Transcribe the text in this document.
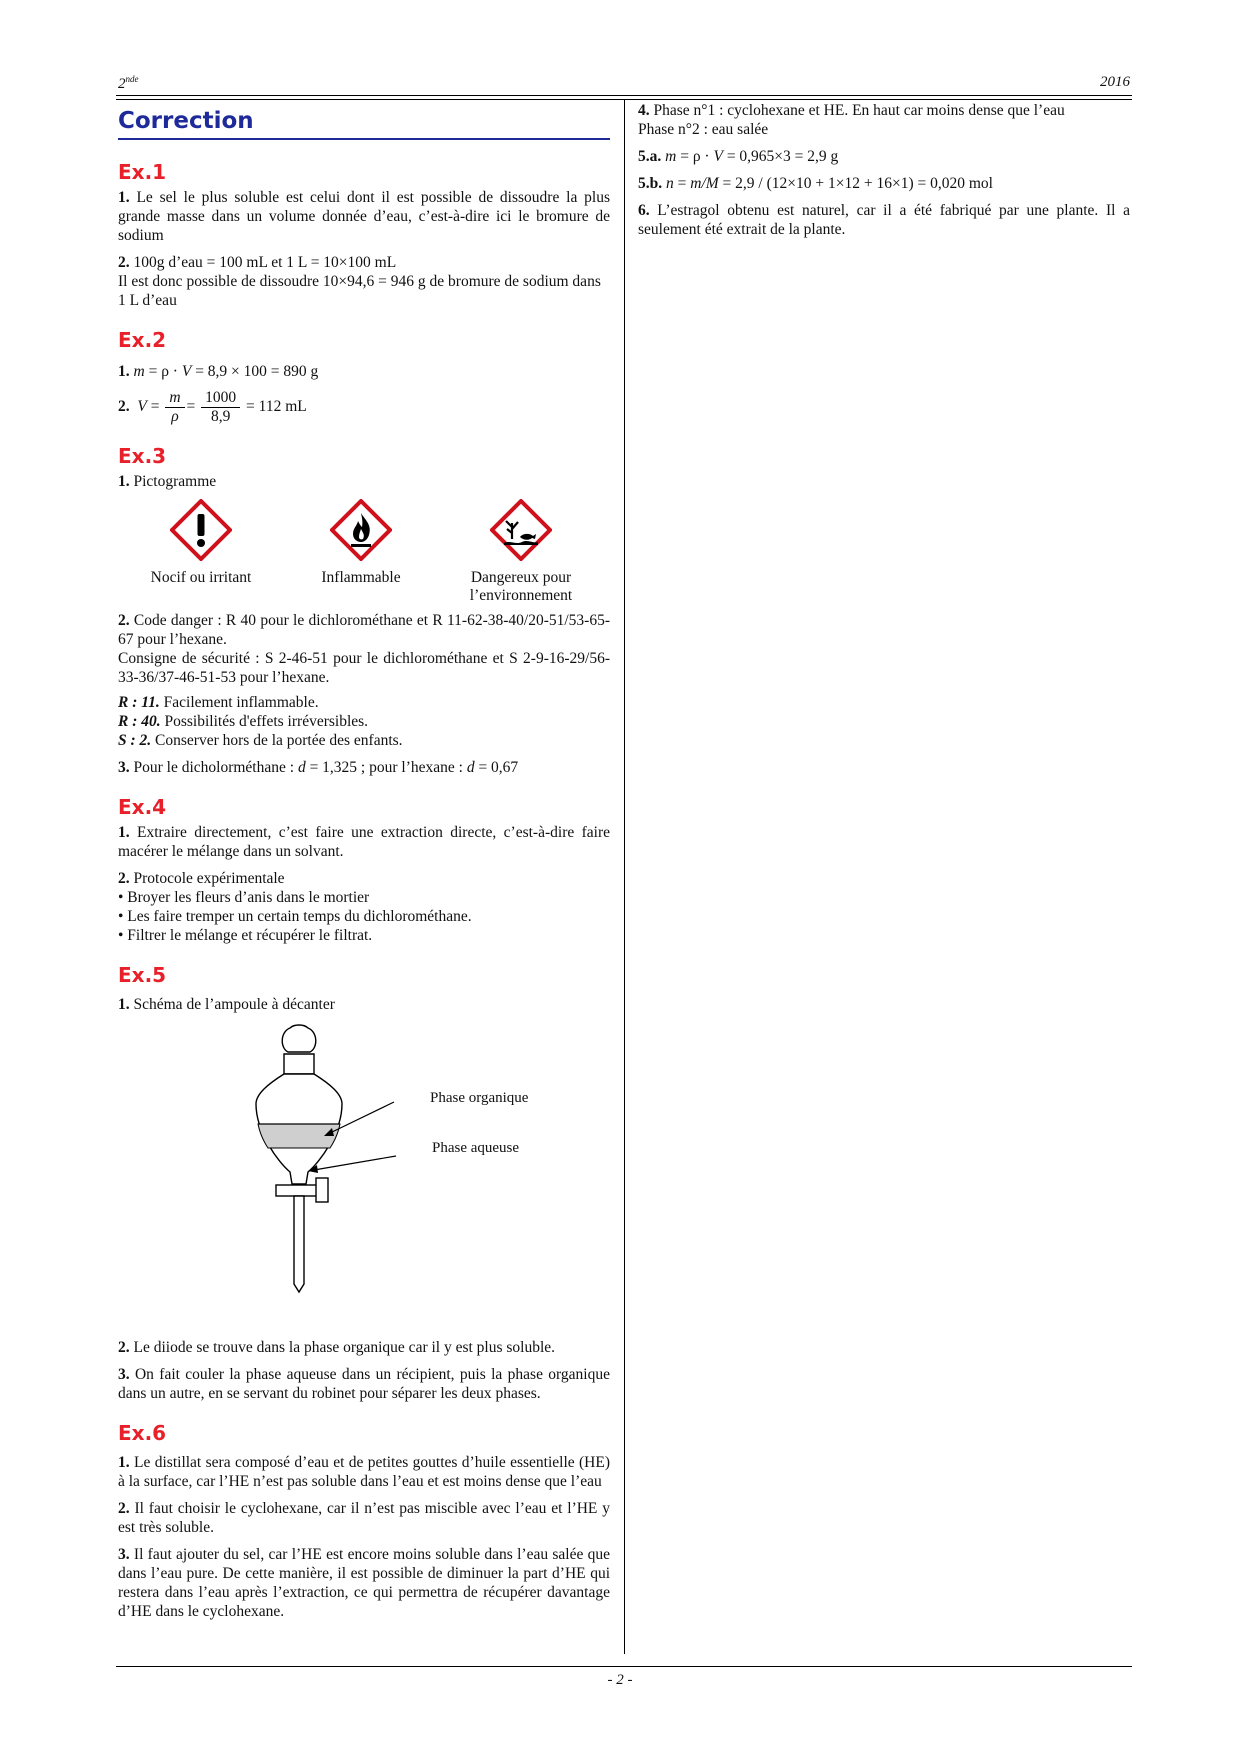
2nde	2016
Correction
Ex.1

1. Le sel le plus soluble est celui dont il est possible de dissoudre la plus grande masse dans un volume donnée d’eau, c’est-à-dire ici le bromure de sodium

2. 100g d’eau = 100 mL et 1 L = 10×100 mL
Il est donc possible de dissoudre 10×94,6 = 946 g de bromure de sodium dans 1 L d’eau

Ex.2

1. m = ρ · V = 8,9 × 100 = 890 g

2. $V = \frac{m}{\rho} = \frac{1000}{8,9} = 112$ mL

Ex.3

1. Pictogramme

Nocif ou irritant	Inflammable	Dangereux pour l’environnement

2. Code danger : R 40 pour le dichlorométhane et R 11-62-38-40/20-51/53-65-67 pour l’hexane.
Consigne de sécurité : S 2-46-51 pour le dichlorométhane et S 2-9-16-29/56-33-36/37-46-51-53 pour l’hexane.

R : 11. Facilement inflammable.
R : 40. Possibilités d'effets irréversibles.
S : 2. Conserver hors de la portée des enfants.

3. Pour le dicholorméthane : d = 1,325 ; pour l’hexane : d = 0,67

Ex.4

1. Extraire directement, c’est faire une extraction directe, c’est-à-dire faire macérer le mélange dans un solvant.

2. Protocole expérimentale
• Broyer les fleurs d’anis dans le mortier
• Les faire tremper un certain temps du dichlorométhane.
• Filtrer le mélange et récupérer le filtrat.

Ex.5

1. Schéma de l’ampoule à décanter

Phase organique
Phase aqueuse

2. Le diiode se trouve dans la phase organique car il y est plus soluble.

3. On fait couler la phase aqueuse dans un récipient, puis la phase organique dans un autre, en se servant du robinet pour séparer les deux phases.

Ex.6

1. Le distillat sera composé d’eau et de petites gouttes d’huile essentielle (HE) à la surface, car l’HE n’est pas soluble dans l’eau et est moins dense que l’eau

2. Il faut choisir le cyclohexane, car il n’est pas miscible avec l’eau et l’HE y est très soluble.

3. Il faut ajouter du sel, car l’HE est encore moins soluble dans l’eau salée que dans l’eau pure. De cette manière, il est possible de diminuer la part d’HE qui restera dans l’eau après l’extraction, ce qui permettra de récupérer davantage d’HE dans le cyclohexane.

4. Phase n°1 : cyclohexane et HE. En haut car moins dense que l’eau
Phase n°2 : eau salée

5.a. m = ρ · V = 0,965×3 = 2,9 g

5.b. n = m/M = 2,9 / (12×10 + 1×12 + 16×1) = 0,020 mol

6. L’estragol obtenu est naturel, car il a été fabriqué par une plante. Il a seulement été extrait de la plante.

- 2 -
